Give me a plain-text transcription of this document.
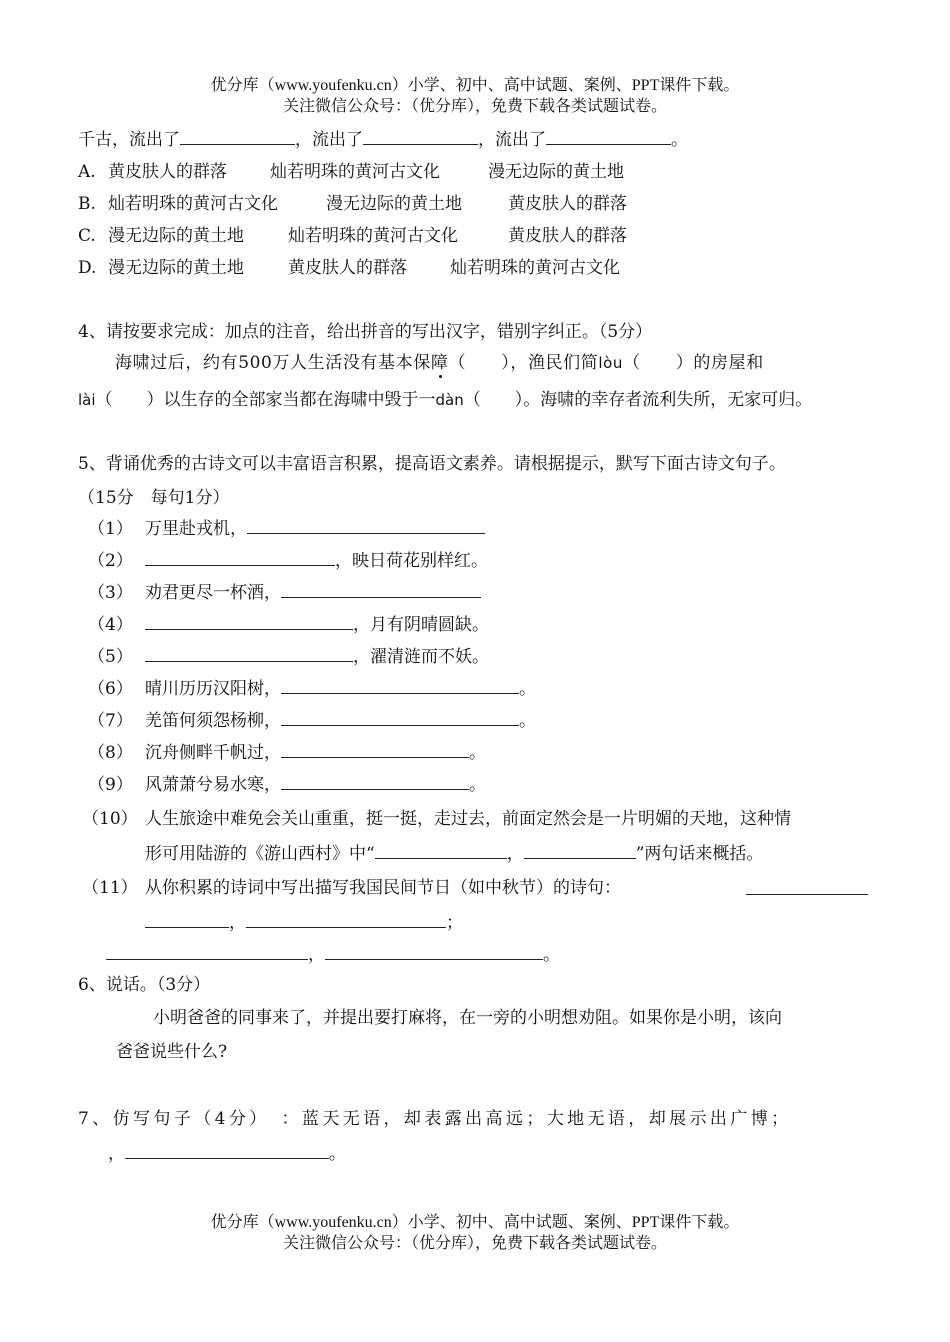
优分库（www.youfenku.cn）小学、初中、高中试题、案例、PPT课件下载。
关注微信公众号：（优分库），免费下载各类试题试卷。
千古，流出了	，流出了	，流出了	。
A. 黄皮肤人的群落	灿若明珠的黄河古文化	漫无边际的黄土地
B. 灿若明珠的黄河古文化	漫无边际的黄土地	黄皮肤人的群落
C. 漫无边际的黄土地	灿若明珠的黄河古文化	黄皮肤人的群落
D. 漫无边际的黄土地	黄皮肤人的群落	灿若明珠的黄河古文化
4、请按要求完成：加点的注音，给出拼音的写出汉字，错别字纠正。（5分）
海啸过后，约有500万人生活没有基本保障（　　），渔民们简lòu（　　）的房屋和
lài（　　）以生存的全部家当都在海啸中毁于一dàn（　　）。海啸的幸存者流利失所，无家可归。
5、背诵优秀的古诗文可以丰富语言积累，提高语文素养。请根据提示，默写下面古诗文句子。
（15分　每句1分）
（1） 万里赴戎机，
（2）	，映日荷花别样红。
（3） 劝君更尽一杯酒，
（4）	，月有阴晴圆缺。
（5）	，濯清涟而不妖。
（6） 晴川历历汉阳树，	。
（7） 羌笛何须怨杨柳，	。
（8） 沉舟侧畔千帆过，	。
（9） 风萧萧兮易水寒，	。
（10） 人生旅途中难免会关山重重，挺一挺，走过去，前面定然会是一片明媚的天地，这种情
形可用陆游的《游山西村》中“	，	”两句话来概括。
（11） 从你积累的诗词中写出描写我国民间节日（如中秋节）的诗句：
，	；
，	。
6、说话。（3分）
小明爸爸的同事来了，并提出要打麻将，在一旁的小明想劝阻。如果你是小明，该向
爸爸说些什么?
7、仿写句子（4分）　：蓝天无语，却表露出高远；大地无语，却展示出广博；
，	。
优分库（www.youfenku.cn）小学、初中、高中试题、案例、PPT课件下载。
关注微信公众号：（优分库），免费下载各类试题试卷。
